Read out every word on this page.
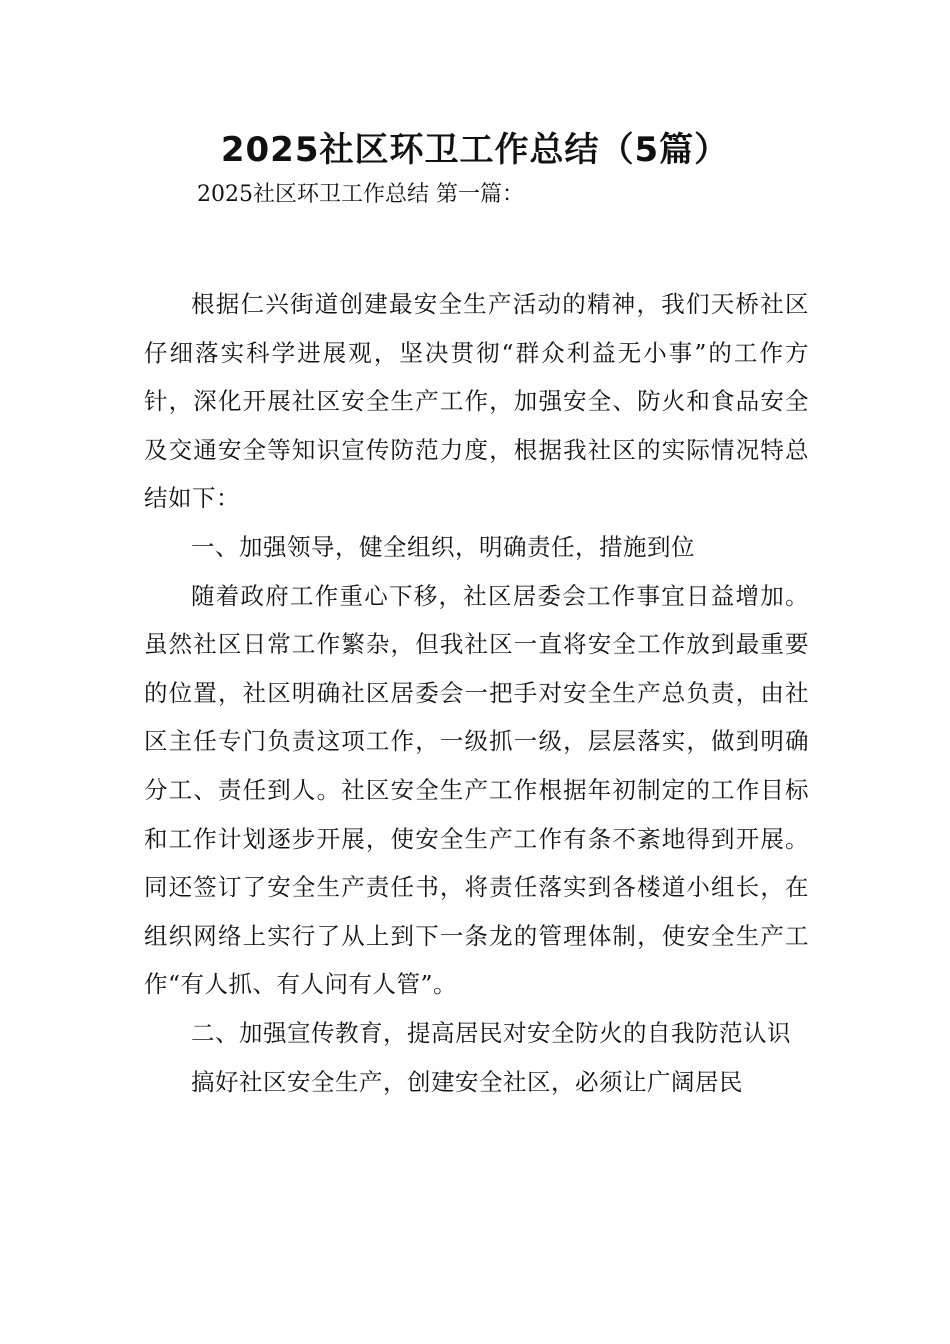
2025社区环卫工作总结（5篇）

2025社区环卫工作总结 第一篇：

根据仁兴街道创建最安全生产活动的精神，我们天桥社区仔细落实科学进展观，坚决贯彻“群众利益无小事”的工作方针，深化开展社区安全生产工作，加强安全、防火和食品安全及交通安全等知识宣传防范力度，根据我社区的实际情况特总结如下：

一、加强领导，健全组织，明确责任，措施到位

随着政府工作重心下移，社区居委会工作事宜日益增加。虽然社区日常工作繁杂，但我社区一直将安全工作放到最重要的位置，社区明确社区居委会一把手对安全生产总负责，由社区主任专门负责这项工作，一级抓一级，层层落实，做到明确分工、责任到人。社区安全生产工作根据年初制定的工作目标和工作计划逐步开展，使安全生产工作有条不紊地得到开展。同还签订了安全生产责任书，将责任落实到各楼道小组长，在组织网络上实行了从上到下一条龙的管理体制，使安全生产工作“有人抓、有人问有人管”。

二、加强宣传教育，提高居民对安全防火的自我防范认识

搞好社区安全生产，创建安全社区，必须让广阔居民
